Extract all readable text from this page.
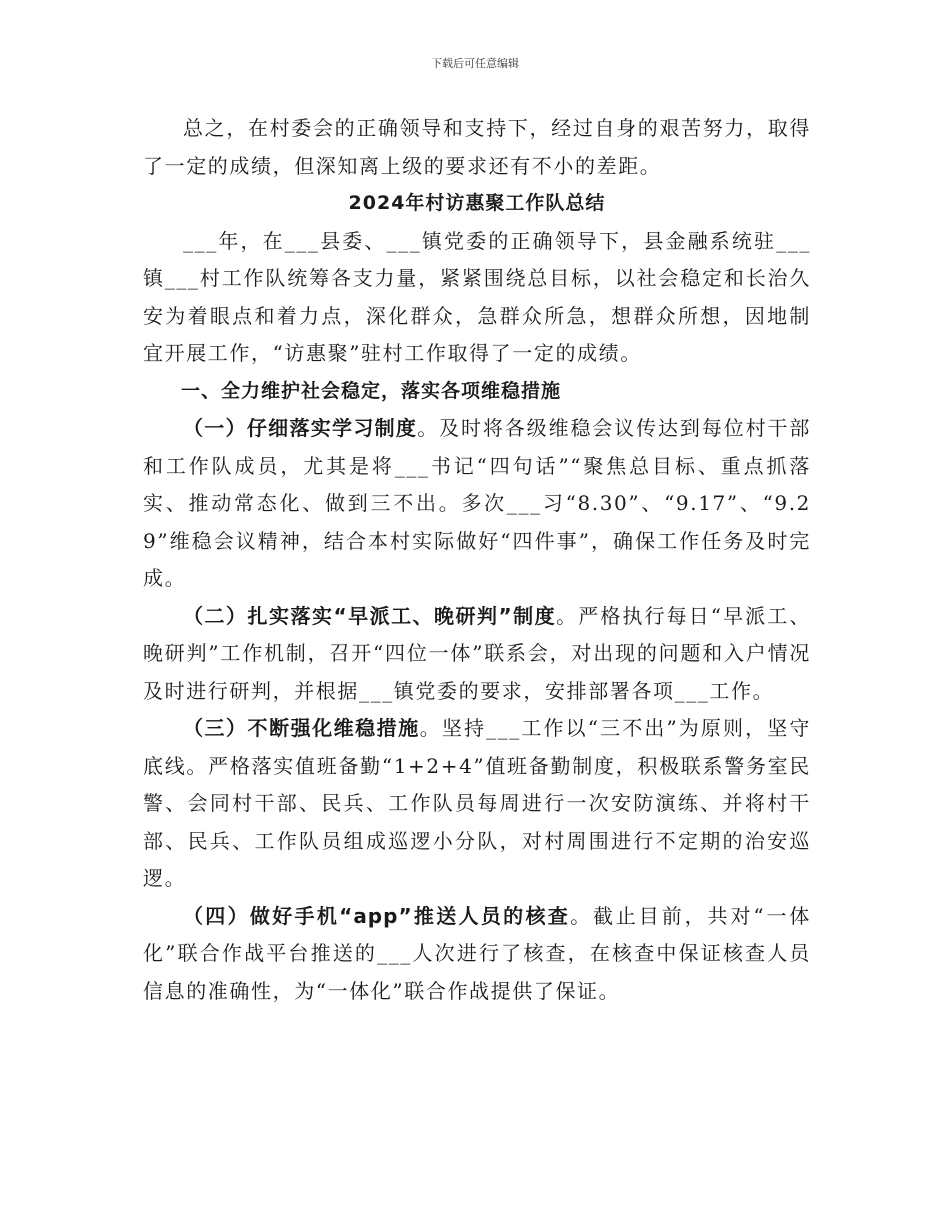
下载后可任意编辑

总之，在村委会的正确领导和支持下，经过自身的艰苦努力，取得了一定的成绩，但深知离上级的要求还有不小的差距。

2024年村访惠聚工作队总结

___年，在___县委、___镇党委的正确领导下，县金融系统驻___镇___村工作队统筹各支力量，紧紧围绕总目标，以社会稳定和长治久安为着眼点和着力点，深化群众，急群众所急，想群众所想，因地制宜开展工作，“访惠聚”驻村工作取得了一定的成绩。

一、全力维护社会稳定，落实各项维稳措施

（一）仔细落实学习制度。及时将各级维稳会议传达到每位村干部和工作队成员，尤其是将___书记“四句话”“聚焦总目标、重点抓落实、推动常态化、做到三不出。多次___习“8.30”、“9.17”、“9.29”维稳会议精神，结合本村实际做好“四件事”，确保工作任务及时完成。

（二）扎实落实“早派工、晚研判”制度。严格执行每日“早派工、晚研判”工作机制，召开“四位一体”联系会，对出现的问题和入户情况及时进行研判，并根据___镇党委的要求，安排部署各项___工作。

（三）不断强化维稳措施。坚持___工作以“三不出”为原则，坚守底线。严格落实值班备勤“1+2+4”值班备勤制度，积极联系警务室民警、会同村干部、民兵、工作队员每周进行一次安防演练、并将村干部、民兵、工作队员组成巡逻小分队，对村周围进行不定期的治安巡逻。

（四）做好手机“app”推送人员的核查。截止目前，共对“一体化”联合作战平台推送的___人次进行了核查，在核查中保证核查人员信息的准确性，为“一体化”联合作战提供了保证。
